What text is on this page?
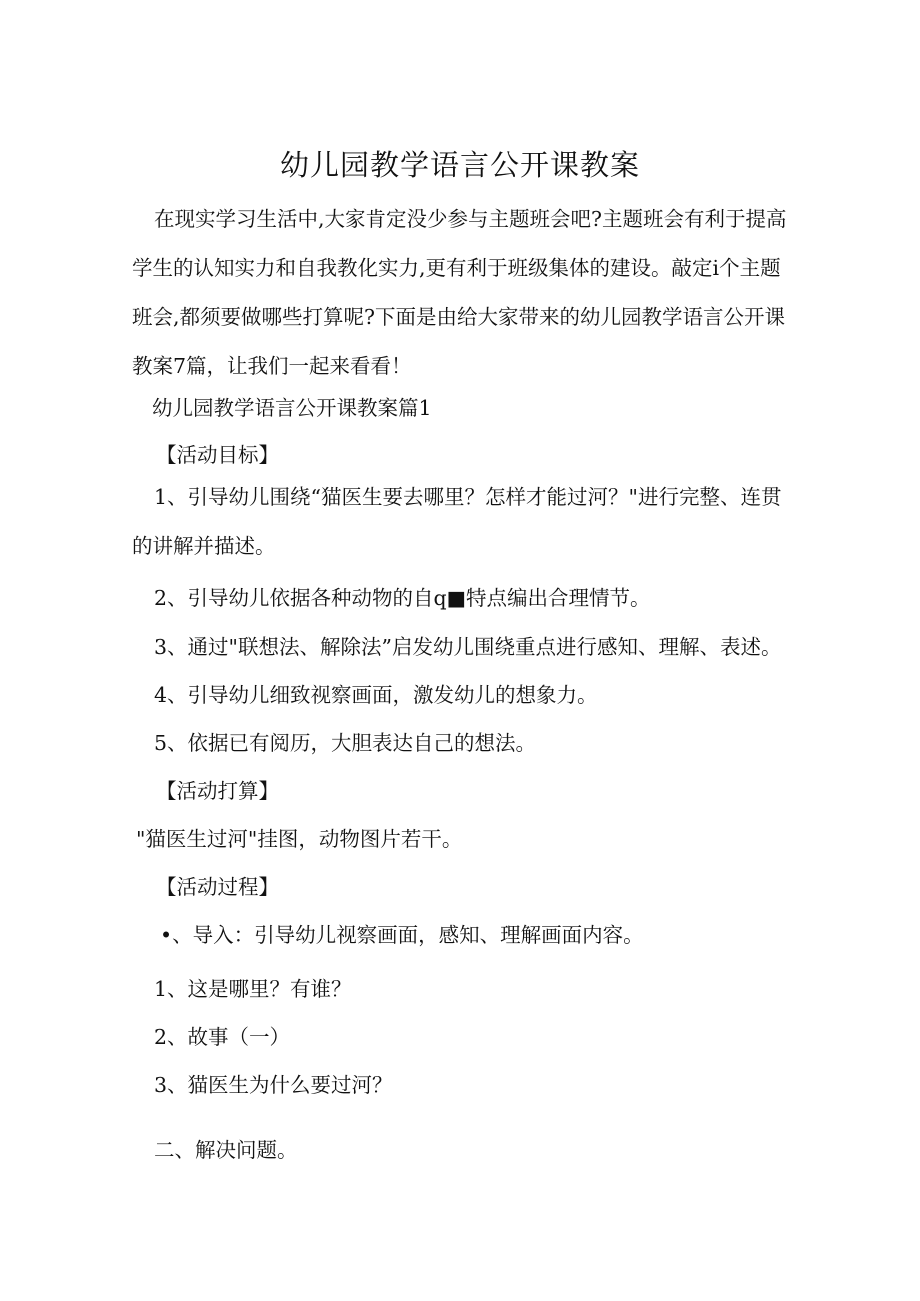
幼儿园教学语言公开课教案

在现实学习生活中,大家肯定没少参与主题班会吧?主题班会有利于提高学生的认知实力和自我教化实力,更有利于班级集体的建设。敲定i个主题班会,都须要做哪些打算呢?下面是由给大家带来的幼儿园教学语言公开课教案7篇，让我们一起来看看！

幼儿园教学语言公开课教案篇1
【活动目标】

1、引导幼儿围绕“猫医生要去哪里？怎样才能过河？"进行完整、连贯的讲解并描述。

2、引导幼儿依据各种动物的自q■特点编出合理情节。
3、通过"联想法、解除法”启发幼儿围绕重点进行感知、理解、表述。
4、引导幼儿细致视察画面，激发幼儿的想象力。
5、依据已有阅历，大胆表达自己的想法。
【活动打算】
"猫医生过河"挂图，动物图片若干。
【活动过程】
•、导入：引导幼儿视察画面，感知、理解画面内容。
1、这是哪里？有谁？
2、故事（一）
3、猫医生为什么要过河？
二、解决问题。
